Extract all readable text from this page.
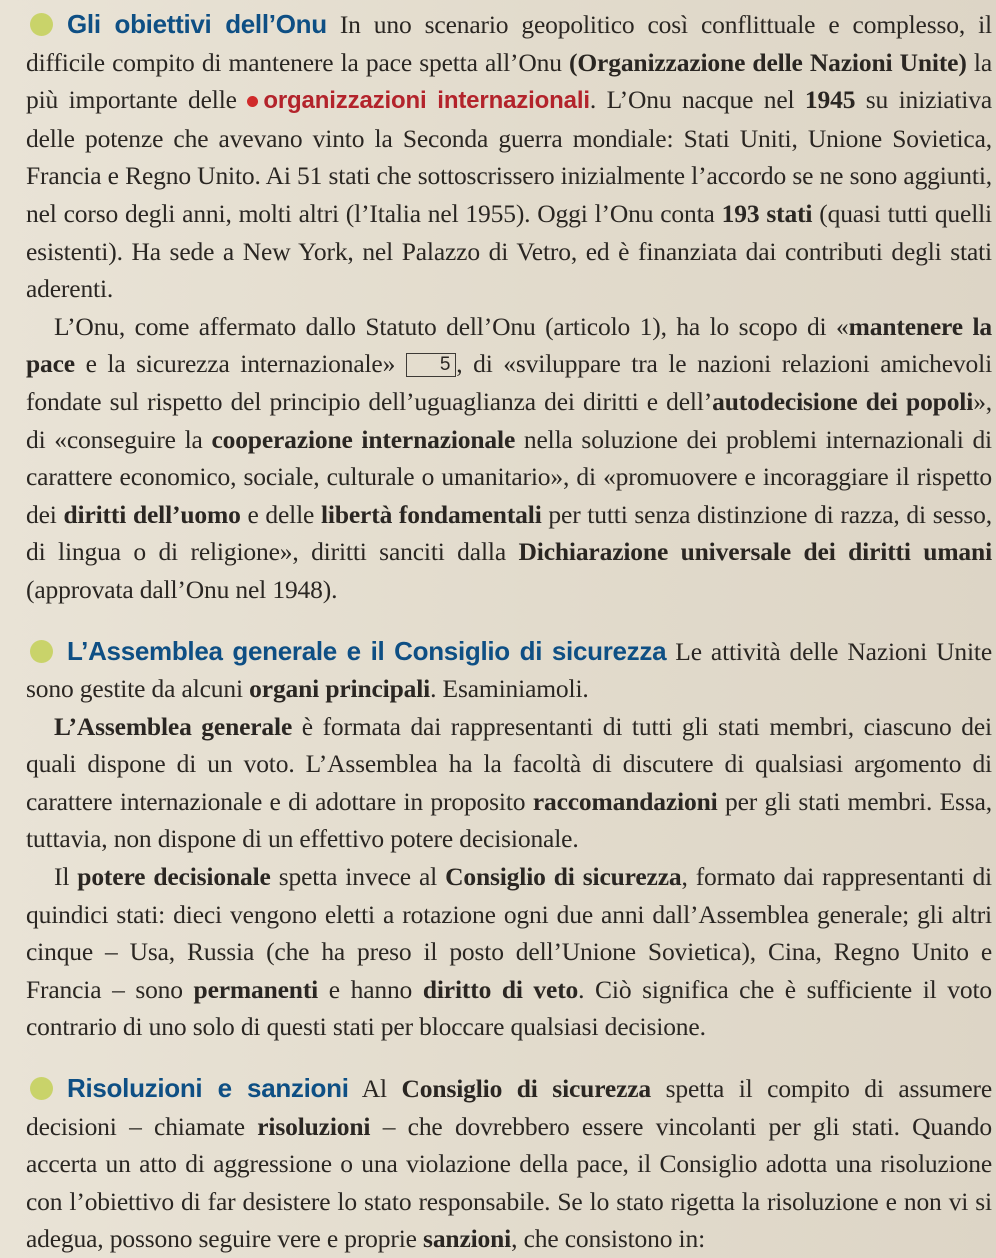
Gli obiettivi dell’Onu In uno scenario geopolitico così conflittuale e complesso, il difficile compito di mantenere la pace spetta all’Onu (Organizzazione delle Nazioni Unite) la più importante delle organizzazioni internazionali. L’Onu nacque nel 1945 su iniziativa delle potenze che avevano vinto la Seconda guerra mondiale: Stati Uniti, Unione Sovietica, Francia e Regno Unito. Ai 51 stati che sottoscrissero inizialmente l’accordo se ne sono aggiunti, nel corso degli anni, molti altri (l’Italia nel 1955). Oggi l’Onu conta 193 stati (quasi tutti quelli esistenti). Ha sede a New York, nel Palazzo di Vetro, ed è finanziata dai contributi degli stati aderenti.

L’Onu, come affermato dallo Statuto dell’Onu (articolo 1), ha lo scopo di «mantenere la pace e la sicurezza internazionale» 5 , di «sviluppare tra le nazioni relazioni amichevoli fondate sul rispetto del principio dell’uguaglianza dei diritti e dell’autodecisione dei popoli», di «conseguire la cooperazione internazionale nella soluzione dei problemi internazionali di carattere economico, sociale, culturale o umanitario», di «promuovere e incoraggiare il rispetto dei diritti dell’uomo e delle libertà fondamentali per tutti senza distinzione di razza, di sesso, di lingua o di religione», diritti sanciti dalla Dichiarazione universale dei diritti umani (approvata dall’Onu nel 1948).

L’Assemblea generale e il Consiglio di sicurezza Le attività delle Nazioni Unite sono gestite da alcuni organi principali. Esaminiamoli.

L’Assemblea generale è formata dai rappresentanti di tutti gli stati membri, ciascuno dei quali dispone di un voto. L’Assemblea ha la facoltà di discutere di qualsiasi argomento di carattere internazionale e di adottare in proposito raccomandazioni per gli stati membri. Essa, tuttavia, non dispone di un effettivo potere decisionale.

Il potere decisionale spetta invece al Consiglio di sicurezza, formato dai rappresentanti di quindici stati: dieci vengono eletti a rotazione ogni due anni dall’Assemblea generale; gli altri cinque – Usa, Russia (che ha preso il posto dell’Unione Sovietica), Cina, Regno Unito e Francia – sono permanenti e hanno diritto di veto. Ciò significa che è sufficiente il voto contrario di uno solo di questi stati per bloccare qualsiasi decisione.

Risoluzioni e sanzioni Al Consiglio di sicurezza spetta il compito di assumere decisioni – chiamate risoluzioni – che dovrebbero essere vincolanti per gli stati. Quando accerta un atto di aggressione o una violazione della pace, il Consiglio adotta una risoluzione con l’obiettivo di far desistere lo stato responsabile. Se lo stato rigetta la risoluzione e non vi si adegua, possono seguire vere e proprie sanzioni, che consistono in:
